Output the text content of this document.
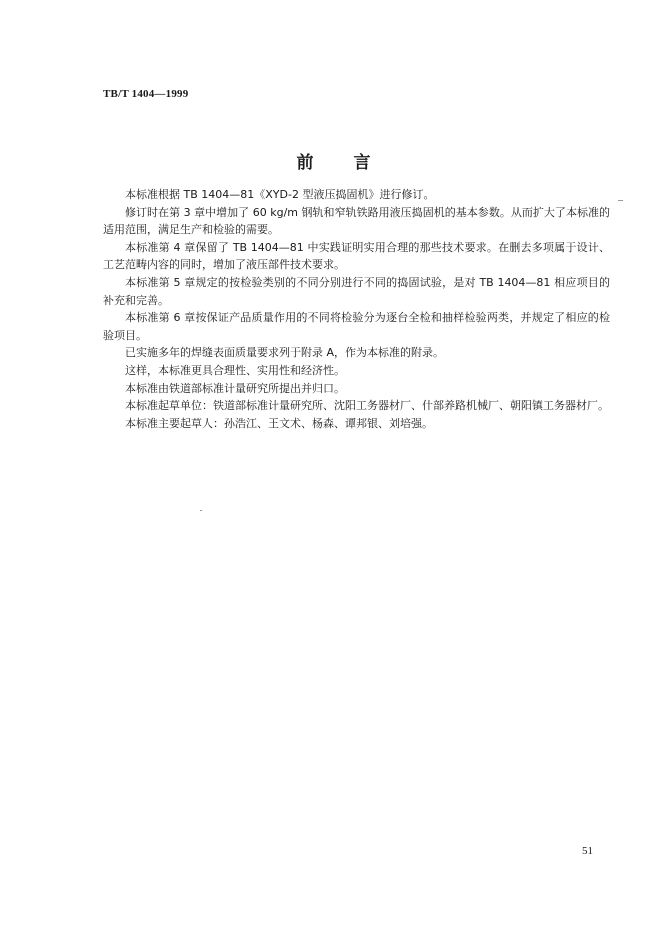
TB/T 1404—1999
前 言

本标准根据 TB 1404—81《XYD-2 型液压捣固机》进行修订。

修订时在第 3 章中增加了 60 kg/m 钢轨和窄轨铁路用液压捣固机的基本参数。从而扩大了本标准的适用范围，满足生产和检验的需要。

本标准第 4 章保留了 TB 1404—81 中实践证明实用合理的那些技术要求。在删去多项属于设计、工艺范畴内容的同时，增加了液压部件技术要求。

本标准第 5 章规定的按检验类别的不同分别进行不同的捣固试验，是对 TB 1404—81 相应项目的补充和完善。

本标准第 6 章按保证产品质量作用的不同将检验分为逐台全检和抽样检验两类，并规定了相应的检验项目。

已实施多年的焊缝表面质量要求列于附录 A，作为本标准的附录。

这样，本标准更具合理性、实用性和经济性。

本标准由铁道部标准计量研究所提出并归口。

本标准起草单位：铁道部标准计量研究所、沈阳工务器材厂、什部养路机械厂、朝阳镇工务器材厂。

本标准主要起草人：孙浩江、王文术、杨森、谭邦银、刘培强。

51
